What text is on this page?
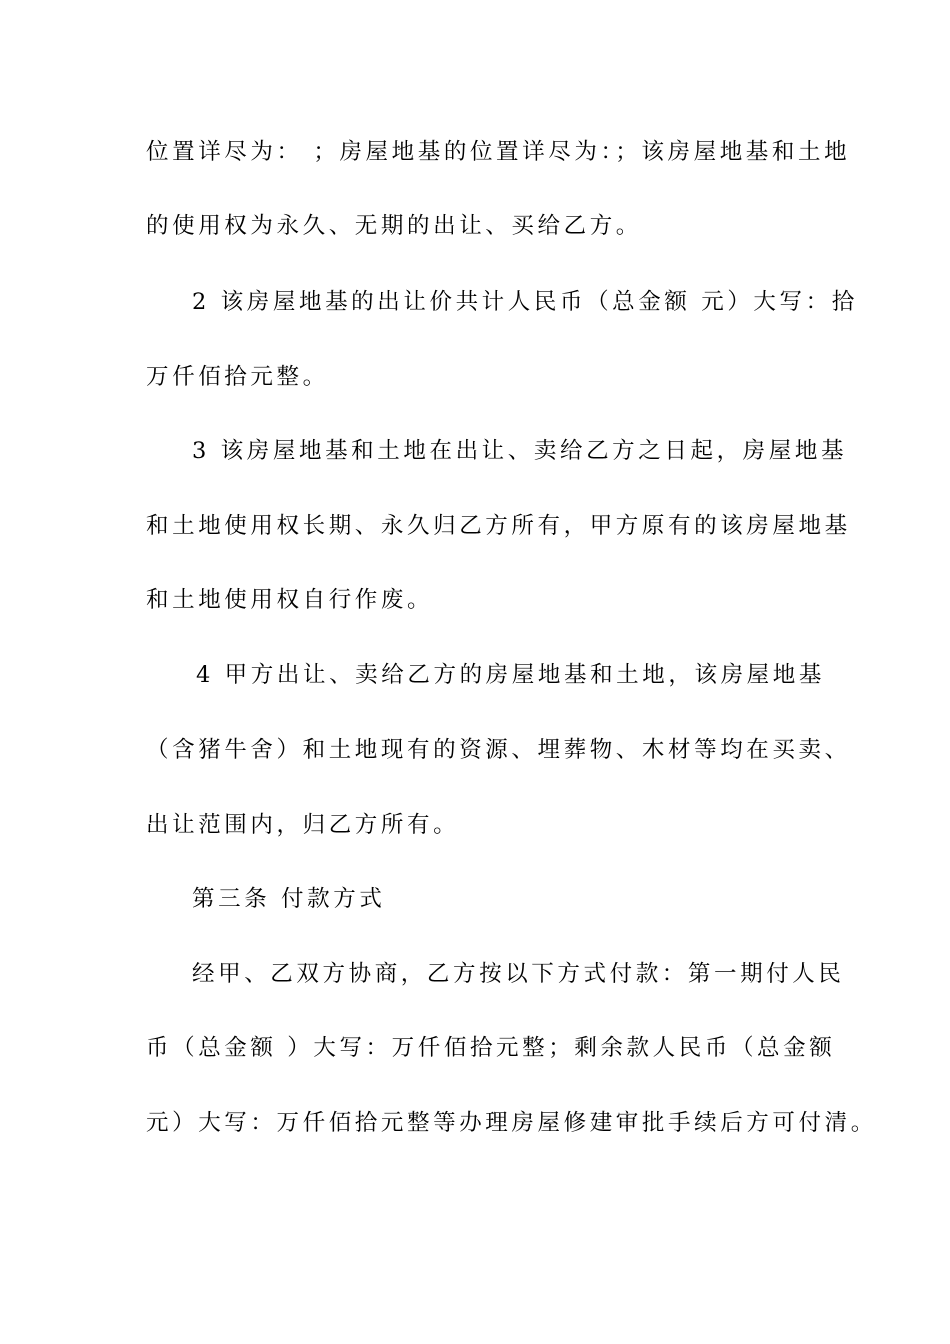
位置详尽为： ；房屋地基的位置详尽为：；该房屋地基和土地
的使用权为永久、无期的出让、买给乙方。
2 该房屋地基的出让价共计人民币（总金额 元）大写：拾
万仟佰拾元整。
3 该房屋地基和土地在出让、卖给乙方之日起，房屋地基
和土地使用权长期、永久归乙方所有，甲方原有的该房屋地基
和土地使用权自行作废。
4 甲方出让、卖给乙方的房屋地基和土地，该房屋地基
（含猪牛舍）和土地现有的资源、埋葬物、木材等均在买卖、
出让范围内，归乙方所有。
第三条 付款方式
经甲、乙双方协商，乙方按以下方式付款：第一期付人民
币（总金额 ）大写：万仟佰拾元整；剩余款人民币（总金额
元）大写：万仟佰拾元整等办理房屋修建审批手续后方可付清。
